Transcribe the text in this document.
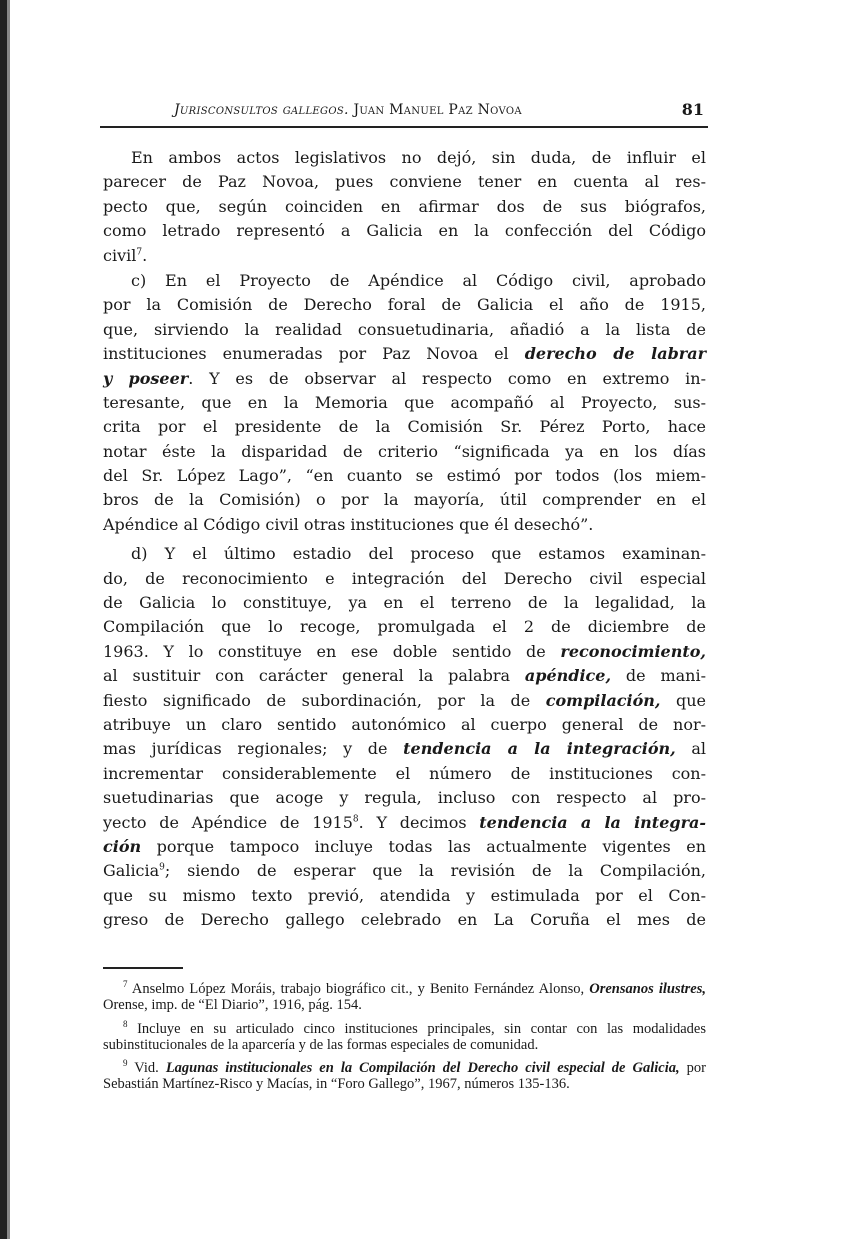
Jurisconsultos gallegos. Juan Manuel Paz Novoa	81
En ambos actos legislativos no dejó, sin duda, de influir el
parecer de Paz Novoa, pues conviene tener en cuenta al res-
pecto que, según coinciden en afirmar dos de sus biógrafos,
como letrado representó a Galicia en la confección del Código
civil$^7$.
c) En el Proyecto de Apéndice al Código civil, aprobado
por la Comisión de Derecho foral de Galicia el año de 1915,
que, sirviendo la realidad consuetudinaria, añadió a la lista de
instituciones enumeradas por Paz Novoa el derecho de labrar
y poseer. Y es de observar al respecto como en extremo in-
teresante, que en la Memoria que acompañó al Proyecto, sus-
crita por el presidente de la Comisión Sr. Pérez Porto, hace
notar éste la disparidad de criterio “significada ya en los días
del Sr. López Lago”, “en cuanto se estimó por todos (los miem-
bros de la Comisión) o por la mayoría, útil comprender en el
Apéndice al Código civil otras instituciones que él desechó”.
d) Y el último estadio del proceso que estamos examinan-
do, de reconocimiento e integración del Derecho civil especial
de Galicia lo constituye, ya en el terreno de la legalidad, la
Compilación que lo recoge, promulgada el 2 de diciembre de
1963. Y lo constituye en ese doble sentido de reconocimiento,
al sustituir con carácter general la palabra apéndice, de mani-
fiesto significado de subordinación, por la de compilación, que
atribuye un claro sentido autonómico al cuerpo general de nor-
mas jurídicas regionales; y de tendencia a la integración, al
incrementar considerablemente el número de instituciones con-
suetudinarias que acoge y regula, incluso con respecto al pro-
yecto de Apéndice de 1915$^8$. Y decimos tendencia a la integra-
ción porque tampoco incluye todas las actualmente vigentes en
Galicia$^9$; siendo de esperar que la revisión de la Compilación,
que su mismo texto previó, atendida y estimulada por el Con-
greso de Derecho gallego celebrado en La Coruña el mes de
$^7$ Anselmo López Moráis, trabajo biográfico cit., y Benito Fernández Alonso, Orensanos ilustres, Orense, imp. de “El Diario”, 1916, pág. 154.
$^8$ Incluye en su articulado cinco instituciones principales, sin contar con las modalidades subinstitucionales de la aparcería y de las formas especiales de comunidad.
$^9$ Vid. Lagunas institucionales en la Compilación del Derecho civil especial de Galicia, por Sebastián Martínez-Risco y Macías, in “Foro Gallego”, 1967, números 135-136.
